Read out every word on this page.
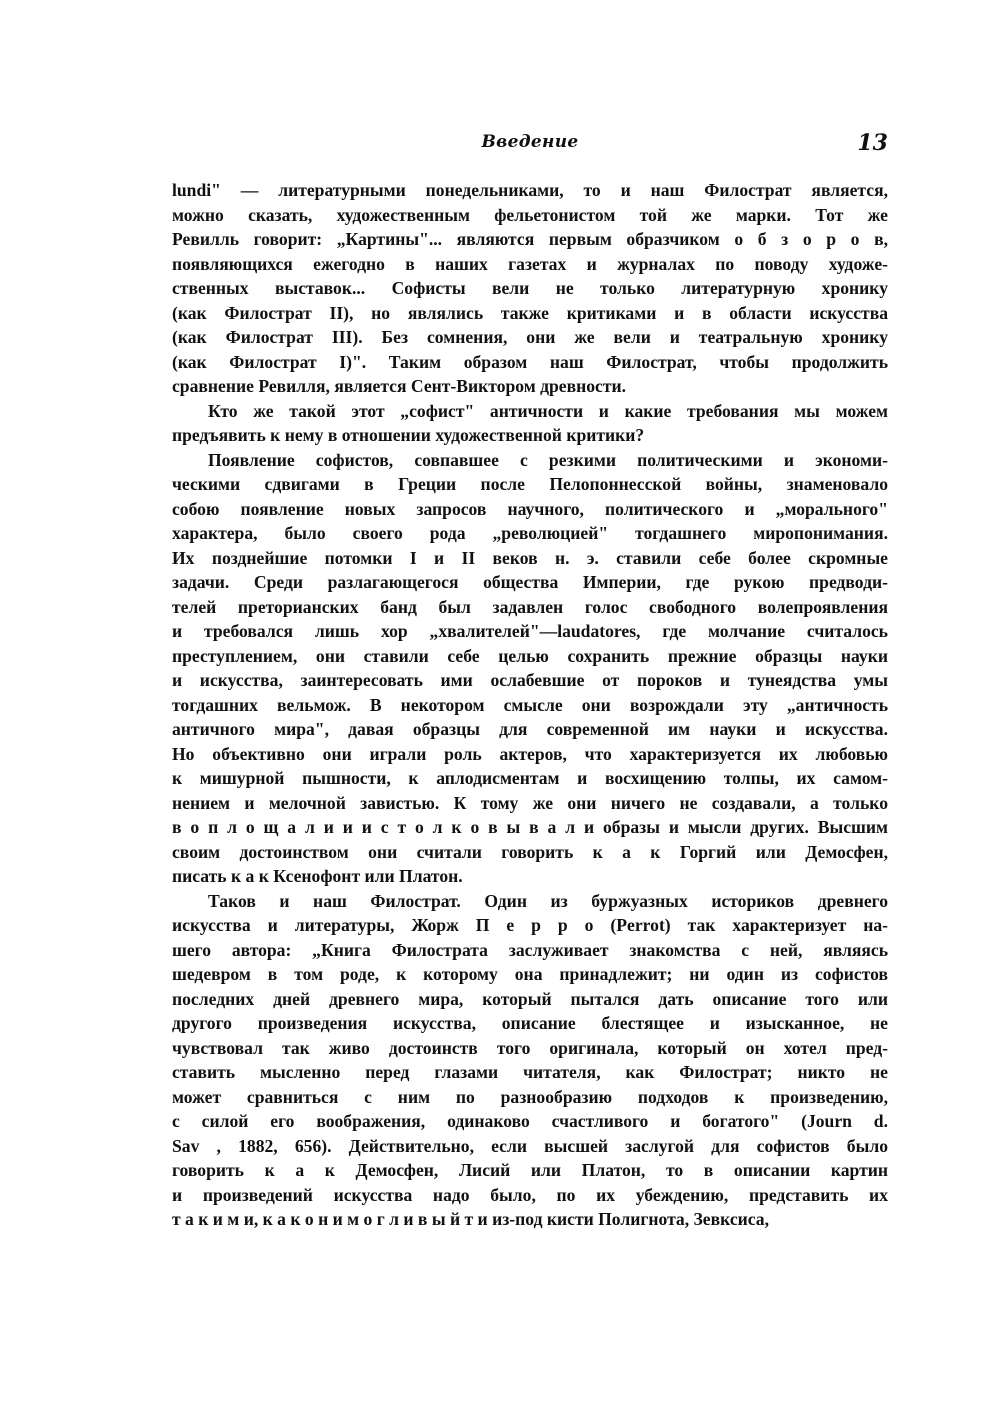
Введение	13
lundi" — литературными понедельниками, то и наш Филострат является,
можно сказать, художественным фельетонистом той же марки. Тот же
Ревилль говорит: „Картины"... являются первым образчиком о б з о р о в,
появляющихся ежегодно в наших газетах и журналах по поводу художе-
ственных выставок... Софисты вели не только литературную хронику
(как Филострат II), но являлись также критиками и в области искусства
(как Филострат III). Без сомнения, они же вели и театральную хронику
(как Филострат I)". Таким образом наш Филострат, чтобы продолжить
сравнение Ревилля, является Сент-Виктором древности.
Кто же такой этот „софист" античности и какие требования мы можем
предъявить к нему в отношении художественной критики?
Появление софистов, совпавшее с резкими политическими и экономи-
ческими сдвигами в Греции после Пелопоннесской войны, знаменовало
собою появление новых запросов научного, политического и „морального"
характера, было своего рода „революцией" тогдашнего миропонимания.
Их позднейшие потомки I и II веков н. э. ставили себе более скромные
задачи. Среди разлагающегося общества Империи, где рукою предводи-
телей преторианских банд был задавлен голос свободного волепроявления
и требовался лишь хор „хвалителей"—laudatores, где молчание считалось
преступлением, они ставили себе целью сохранить прежние образцы науки
и искусства, заинтересовать ими ослабевшие от пороков и тунеядства умы
тогдашних вельмож. В некотором смысле они возрождали эту „античность
античного мира", давая образцы для современной им науки и искусства.
Но объективно они играли роль актеров, что характеризуется их любовью
к мишурной пышности, к аплодисментам и восхищению толпы, их самом-
нением и мелочной завистью. К тому же они ничего не создавали, а только
в о п л о щ а л и и и с т о л к о в ы в а л и образы и мысли других. Высшим
своим достоинством они считали говорить к а к Горгий или Демосфен,
писать к а к Ксенофонт или Платон.
Таков и наш Филострат. Один из буржуазных историков древнего
искусства и литературы, Жорж П е р р о (Perrot) так характеризует на-
шего автора: „Книга Филострата заслуживает знакомства с ней, являясь
шедевром в том роде, к которому она принадлежит; ни один из софистов
последних дней древнего мира, который пытался дать описание того или
другого произведения искусства, описание блестящее и изысканное, не
чувствовал так живо достоинств того оригинала, который он хотел пред-
ставить мысленно перед глазами читателя, как Филострат; никто не
может сравниться с ним по разнообразию подходов к произведению,
с силой его воображения, одинаково счастливого и богатого" (Journ d.
Sav , 1882, 656). Действительно, если высшей заслугой для софистов было
говорить к а к Демосфен, Лисий или Платон, то в описании картин
и произведений искусства надо было, по их убеждению, представить их
т а к и м и, к а к о н и м о г л и в ы й т и из-под кисти Полигнота, Зевксиса,
